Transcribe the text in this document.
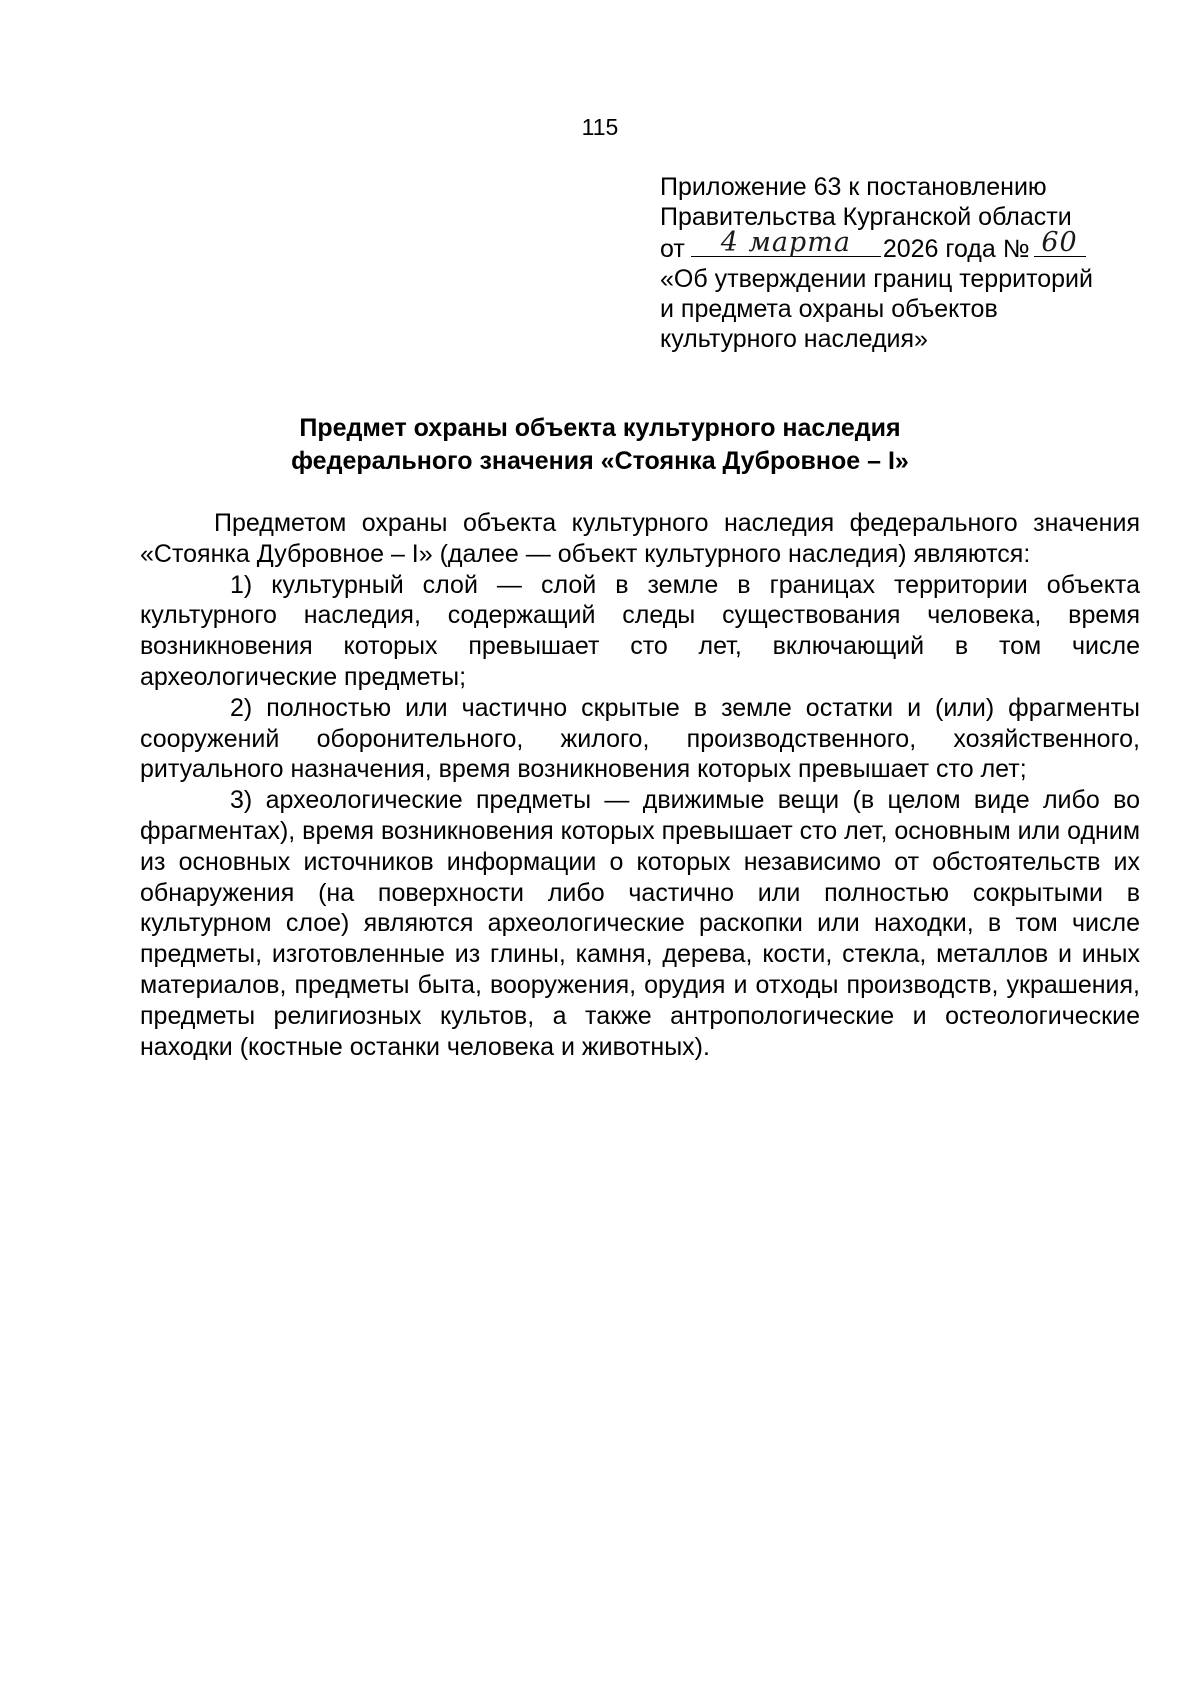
115
Приложение 63 к постановлению
Правительства Курганской области
от	4 марта	2026 года № 60
«Об утверждении границ территорий
и предмета охраны объектов
культурного наследия»
Предмет охраны объекта культурного наследия
федерального значения «Стоянка Дубровное – I»

Предметом охраны объекта культурного наследия федерального значения «Стоянка Дубровное – I» (далее — объект культурного наследия) являются:

1) культурный слой — слой в земле в границах территории объекта культурного наследия, содержащий следы существования человека, время возникновения которых превышает сто лет, включающий в том числе археологические предметы;

2) полностью или частично скрытые в земле остатки и (или) фрагменты сооружений оборонительного, жилого, производственного, хозяйственного, ритуального назначения, время возникновения которых превышает сто лет;

3) археологические предметы — движимые вещи (в целом виде либо во фрагментах), время возникновения которых превышает сто лет, основным или одним из основных источников информации о которых независимо от обстоятельств их обнаружения (на поверхности либо частично или полностью сокрытыми в культурном слое) являются археологические раскопки или находки, в том числе предметы, изготовленные из глины, камня, дерева, кости, стекла, металлов и иных материалов, предметы быта, вооружения, орудия и отходы производств, украшения, предметы религиозных культов, а также антропологические и остеологические находки (костные останки человека и животных).
